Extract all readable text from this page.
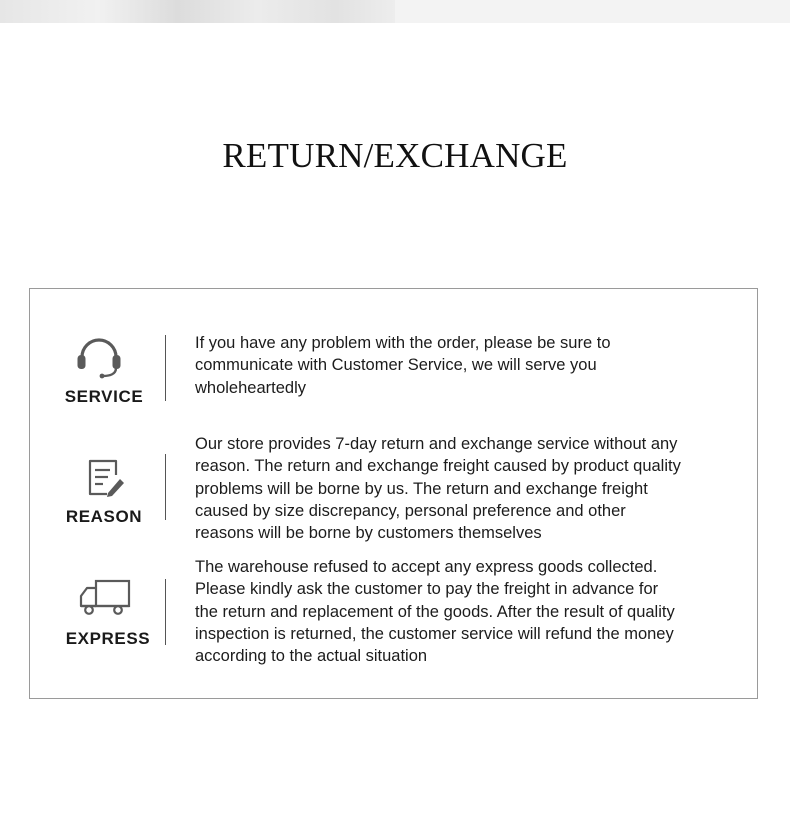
RETURN/EXCHANGE
SERVICE

If you have any problem with the order, please be sure to
communicate with Customer Service, we will serve you
wholeheartedly

REASON

Our store provides 7-day return and exchange service without any
reason. The return and exchange freight caused by product quality
problems will be borne by us. The return and exchange freight
caused by size discrepancy, personal preference and other
reasons will be borne by customers themselves

EXPRESS

The warehouse refused to accept any express goods collected.
Please kindly ask the customer to pay the freight in advance for
the return and replacement of the goods. After the result of quality
inspection is returned, the customer service will refund the money
according to the actual situation
